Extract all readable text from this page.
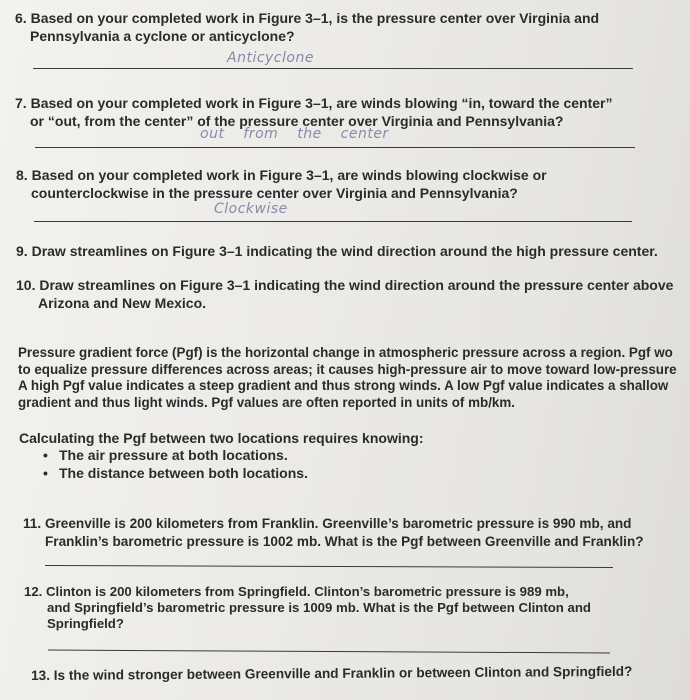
6. Based on your completed work in Figure 3–1, is the pressure center over Virginia and
Pennsylvania a cyclone or anticyclone?
Anticyclone
7. Based on your completed work in Figure 3–1, are winds blowing “in, toward the center”
or “out, from the center” of the pressure center over Virginia and Pennsylvania?
out from the center
8. Based on your completed work in Figure 3–1, are winds blowing clockwise or
counterclockwise in the pressure center over Virginia and Pennsylvania?
Clockwise
9. Draw streamlines on Figure 3–1 indicating the wind direction around the high pressure center.
10. Draw streamlines on Figure 3–1 indicating the wind direction around the pressure center above
Arizona and New Mexico.
Pressure gradient force (Pgf) is the horizontal change in atmospheric pressure across a region. Pgf wo
to equalize pressure differences across areas; it causes high-pressure air to move toward low-pressure
A high Pgf value indicates a steep gradient and thus strong winds. A low Pgf value indicates a shallow
gradient and thus light winds. Pgf values are often reported in units of mb/km.
Calculating the Pgf between two locations requires knowing:
• The air pressure at both locations.
• The distance between both locations.
11. Greenville is 200 kilometers from Franklin. Greenville’s barometric pressure is 990 mb, and
Franklin’s barometric pressure is 1002 mb. What is the Pgf between Greenville and Franklin?
12. Clinton is 200 kilometers from Springfield. Clinton’s barometric pressure is 989 mb,
and Springfield’s barometric pressure is 1009 mb. What is the Pgf between Clinton and
Springfield?
13. Is the wind stronger between Greenville and Franklin or between Clinton and Springfield?
